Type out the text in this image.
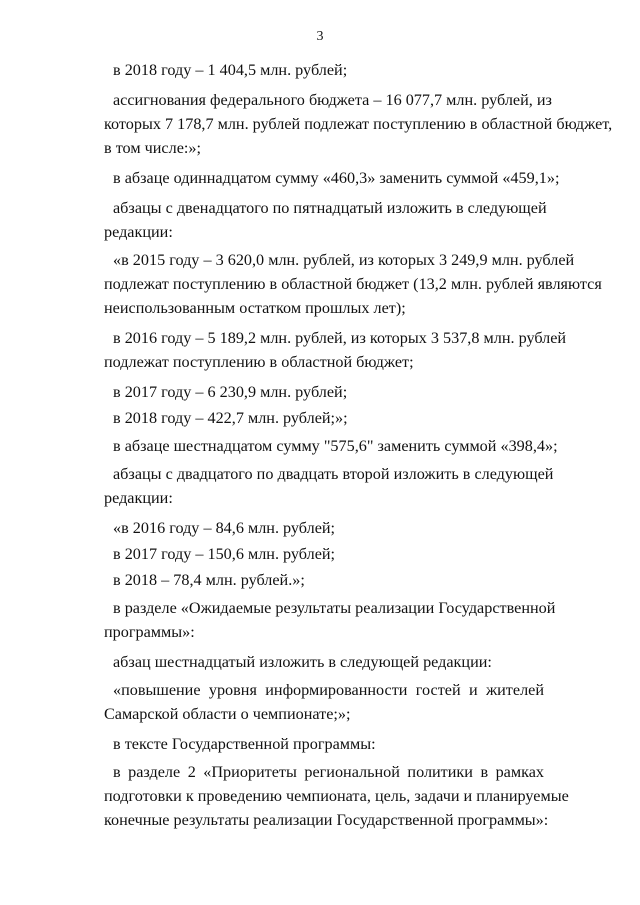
3
в 2018 году – 1 404,5 млн. рублей;
ассигнования федерального бюджета – 16 077,7 млн. рублей, из
которых 7 178,7 млн. рублей подлежат поступлению в областной бюджет,
в том числе:»;
в абзаце одиннадцатом сумму «460,3» заменить суммой «459,1»;
абзацы с двенадцатого по пятнадцатый изложить в следующей
редакции:
«в 2015 году – 3 620,0 млн. рублей, из которых 3 249,9 млн. рублей
подлежат поступлению в областной бюджет (13,2 млн. рублей являются
неиспользованным остатком прошлых лет);
в 2016 году – 5 189,2 млн. рублей, из которых 3 537,8 млн. рублей
подлежат поступлению в областной бюджет;
в 2017 году – 6 230,9 млн. рублей;
в 2018 году – 422,7 млн. рублей;»;
в абзаце шестнадцатом сумму "575,6" заменить суммой «398,4»;
абзацы с двадцатого по двадцать второй изложить в следующей
редакции:
«в 2016 году – 84,6 млн. рублей;
в 2017 году – 150,6 млн. рублей;
в 2018 – 78,4 млн. рублей.»;
в разделе «Ожидаемые результаты реализации Государственной
программы»:
абзац шестнадцатый изложить в следующей редакции:
«повышение уровня информированности гостей и жителей
Самарской области о чемпионате;»;
в тексте Государственной программы:
в разделе 2 «Приоритеты региональной политики в рамках
подготовки к проведению чемпионата, цель, задачи и планируемые
конечные результаты реализации Государственной программы»:
